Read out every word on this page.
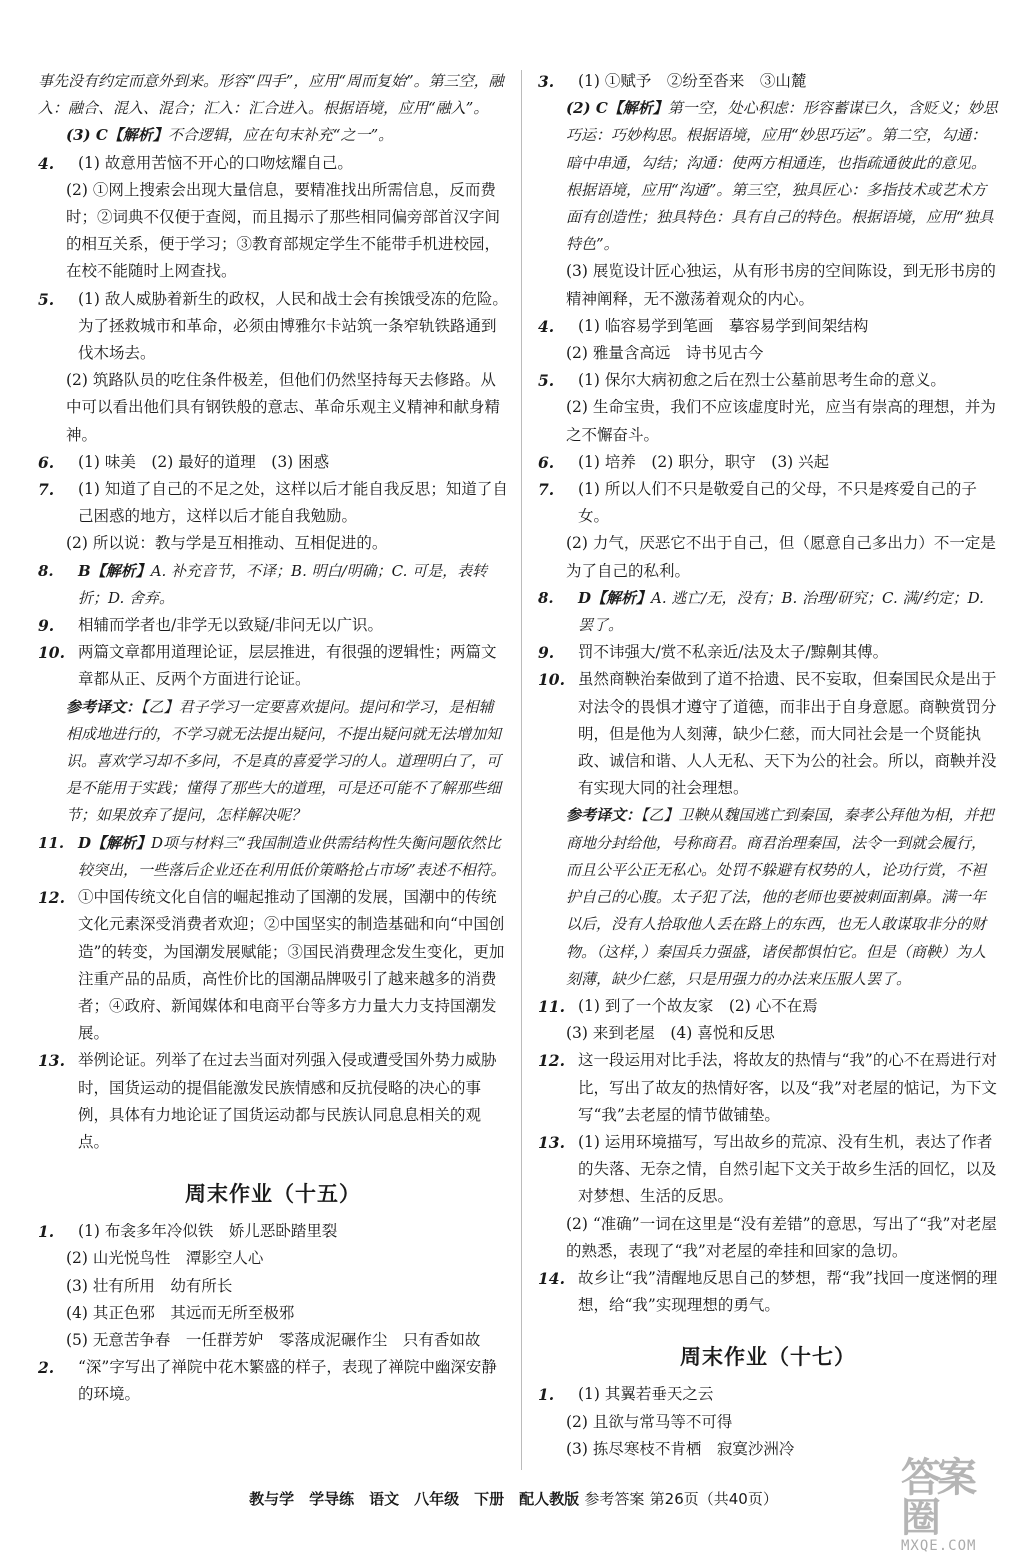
事先没有约定而意外到来。形容“四手”，应用“周而复始”。第三空，融入：融合、混入、混合；汇入：汇合进入。根据语境，应用“融入”。

(3) C【解析】不合逻辑，应在句末补充“之一”。

4. (1) 故意用苦恼不开心的口吻炫耀自己。

(2) ①网上搜索会出现大量信息，要精准找出所需信息，反而费时；②词典不仅便于查阅，而且揭示了那些相同偏旁部首汉字间的相互关系，便于学习；③教育部规定学生不能带手机进校园，在校不能随时上网查找。

5. (1) 敌人威胁着新生的政权，人民和战士会有挨饿受冻的危险。为了拯救城市和革命，必须由博雅尔卡站筑一条窄轨铁路通到伐木场去。

(2) 筑路队员的吃住条件极差，但他们仍然坚持每天去修路。从中可以看出他们具有钢铁般的意志、革命乐观主义精神和献身精神。

6. (1) 味美　(2) 最好的道理　(3) 困惑

7. (1) 知道了自己的不足之处，这样以后才能自我反思；知道了自己困惑的地方，这样以后才能自我勉励。

(2) 所以说：教与学是互相推动、互相促进的。

8. B【解析】A. 补充音节，不译；B. 明白/明确；C. 可是，表转折；D. 舍弃。

9. 相辅而学者也/非学无以致疑/非问无以广识。

10. 两篇文章都用道理论证，层层推进，有很强的逻辑性；两篇文章都从正、反两个方面进行论证。

参考译文：【乙】君子学习一定要喜欢提问。提问和学习，是相辅相成地进行的，不学习就无法提出疑问，不提出疑问就无法增加知识。喜欢学习却不多问，不是真的喜爱学习的人。道理明白了，可是不能用于实践；懂得了那些大的道理，可是还可能不了解那些细节；如果放弃了提问，怎样解决呢？

11. D【解析】D项与材料三“我国制造业供需结构性失衡问题依然比较突出，一些落后企业还在利用低价策略抢占市场”表述不相符。

12. ①中国传统文化自信的崛起推动了国潮的发展，国潮中的传统文化元素深受消费者欢迎；②中国坚实的制造基础和向“中国创造”的转变，为国潮发展赋能；③国民消费理念发生变化，更加注重产品的品质，高性价比的国潮品牌吸引了越来越多的消费者；④政府、新闻媒体和电商平台等多方力量大力支持国潮发展。

13. 举例论证。列举了在过去当面对列强入侵或遭受国外势力威胁时，国货运动的提倡能激发民族情感和反抗侵略的决心的事例，具体有力地论证了国货运动都与民族认同息息相关的观点。

周末作业（十五）

1. (1) 布衾多年冷似铁　娇儿恶卧踏里裂

(2) 山光悦鸟性　潭影空人心

(3) 壮有所用　幼有所长

(4) 其正色邪　其远而无所至极邪

(5) 无意苦争春　一任群芳妒　零落成泥碾作尘　只有香如故

2. “深”字写出了禅院中花木繁盛的样子，表现了禅院中幽深安静的环境。

3. (1) ①赋予　②纷至沓来　③山麓

(2) C【解析】第一空，处心积虑：形容蓄谋已久，含贬义；妙思巧运：巧妙构思。根据语境，应用“妙思巧运”。第二空，勾通：暗中串通，勾结；沟通：使两方相通连，也指疏通彼此的意见。根据语境，应用“沟通”。第三空，独具匠心：多指技术或艺术方面有创造性；独具特色：具有自己的特色。根据语境，应用“独具特色”。

(3) 展览设计匠心独运，从有形书房的空间陈设，到无形书房的精神阐释，无不激荡着观众的内心。

4. (1) 临容易学到笔画　摹容易学到间架结构

(2) 雅量含高远　诗书见古今

5. (1) 保尔大病初愈之后在烈士公墓前思考生命的意义。

(2) 生命宝贵，我们不应该虚度时光，应当有崇高的理想，并为之不懈奋斗。

6. (1) 培养　(2) 职分，职守　(3) 兴起

7. (1) 所以人们不只是敬爱自己的父母，不只是疼爱自己的子女。

(2) 力气，厌恶它不出于自己，但（愿意自己多出力）不一定是为了自己的私利。

8. D【解析】A. 逃亡/无，没有；B. 治理/研究；C. 满/约定；D. 罢了。

9. 罚不讳强大/赏不私亲近/法及太子/黥劓其傅。

10. 虽然商鞅治秦做到了道不拾遗、民不妄取，但秦国民众是出于对法令的畏惧才遵守了道德，而非出于自身意愿。商鞅赏罚分明，但是他为人刻薄，缺少仁慈，而大同社会是一个贤能执政、诚信和谐、人人无私、天下为公的社会。所以，商鞅并没有实现大同的社会理想。

参考译文：【乙】卫鞅从魏国逃亡到秦国，秦孝公拜他为相，并把商地分封给他，号称商君。商君治理秦国，法令一到就会履行，而且公平公正无私心。处罚不躲避有权势的人，论功行赏，不袒护自己的心腹。太子犯了法，他的老师也要被刺面割鼻。满一年以后，没有人拾取他人丢在路上的东西，也无人敢谋取非分的财物。（这样，）秦国兵力强盛，诸侯都惧怕它。但是（商鞅）为人刻薄，缺少仁慈，只是用强力的办法来压服人罢了。

11. (1) 到了一个故友家　(2) 心不在焉

(3) 来到老屋　(4) 喜悦和反思

12. 这一段运用对比手法，将故友的热情与“我”的心不在焉进行对比，写出了故友的热情好客，以及“我”对老屋的惦记，为下文写“我”去老屋的情节做铺垫。

13. (1) 运用环境描写，写出故乡的荒凉、没有生机，表达了作者的失落、无奈之情，自然引起下文关于故乡生活的回忆，以及对梦想、生活的反思。

(2) “准确”一词在这里是“没有差错”的意思，写出了“我”对老屋的熟悉，表现了“我”对老屋的牵挂和回家的急切。

14. 故乡让“我”清醒地反思自己的梦想，帮“我”找回一度迷惘的理想，给“我”实现理想的勇气。

周末作业（十七）

1. (1) 其翼若垂天之云

(2) 且欲与常马等不可得

(3) 拣尽寒枝不肯栖　寂寞沙洲冷

教与学　学导练　语文　八年级　下册　配人教版 参考答案 第26页（共40页）	答案圈
MXQE.COM
